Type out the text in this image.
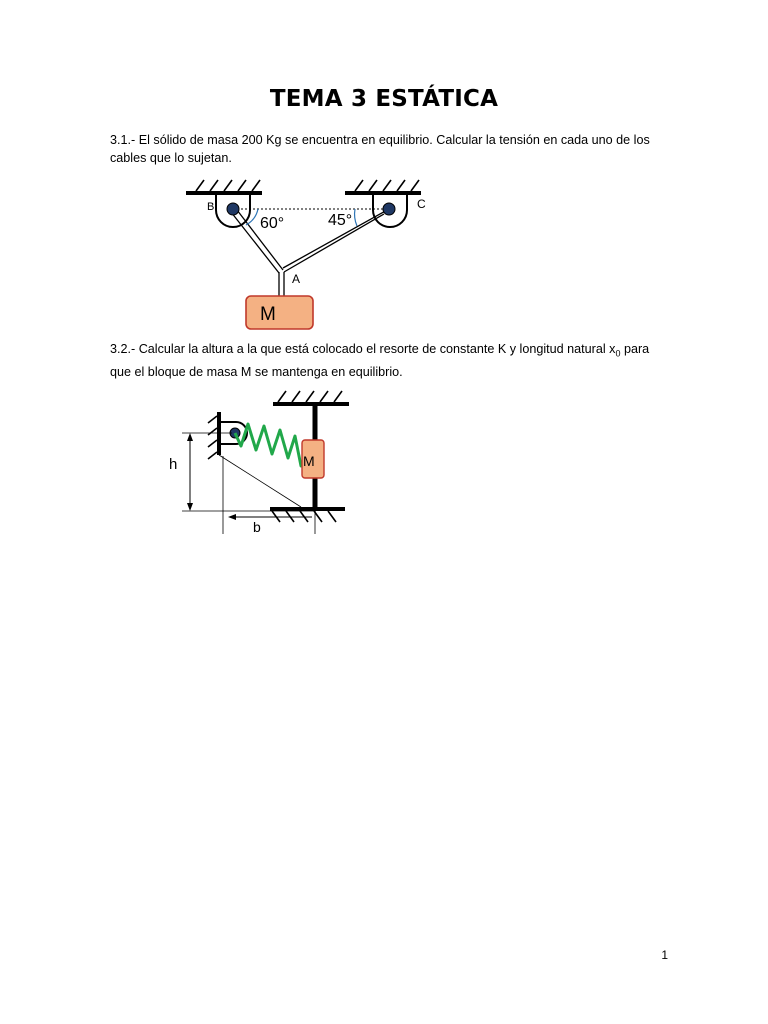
TEMA 3 ESTÁTICA

3.1.- El sólido de masa 200 Kg se encuentra en equilibrio. Calcular la tensión en cada uno de los cables que lo sujetan.

B	C
A
60°	45°
M

3.2.- Calcular la altura a la que está colocado el resorte de constante K y longitud natural $x_0$ para que el bloque de masa M se mantenga en equilibrio.

M
h
b
1
